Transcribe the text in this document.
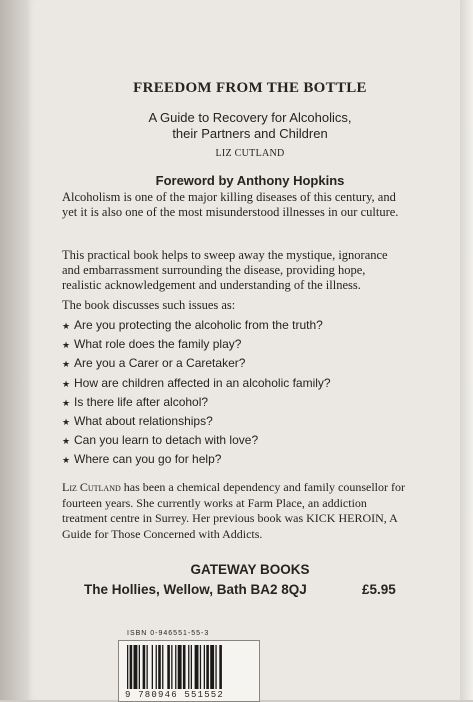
FREEDOM FROM THE BOTTLE
A Guide to Recovery for Alcoholics,
their Partners and Children
LIZ CUTLAND
Foreword by Anthony Hopkins
Alcoholism is one of the major killing diseases of this century, and yet it is also one of the most misunderstood illnesses in our culture.
This practical book helps to sweep away the mystique, ignorance and embarrassment surrounding the disease, providing hope, realistic acknowledgement and understanding of the illness.
The book discusses such issues as:
★ Are you protecting the alcoholic from the truth?
★ What role does the family play?
★ Are you a Carer or a Caretaker?
★ How are children affected in an alcoholic family?
★ Is there life after alcohol?
★ What about relationships?
★ Can you learn to detach with love?
★ Where can you go for help?
Liz Cutland has been a chemical dependency and family counsellor for fourteen years. She currently works at Farm Place, an addiction treatment centre in Surrey. Her previous book was KICK HEROIN, A Guide for Those Concerned with Addicts.
GATEWAY BOOKS
The Hollies, Wellow, Bath BA2 8QJ	£5.95
ISBN 0-946551-55-3
9 780946 551552
